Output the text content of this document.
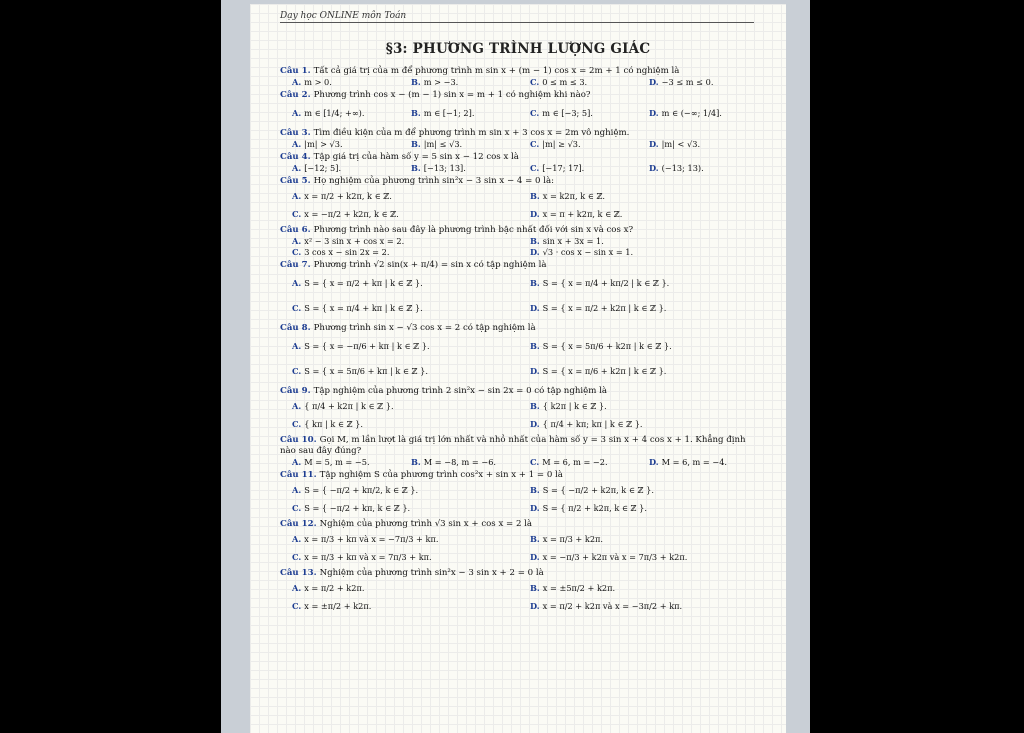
Dạy học ONLINE môn Toán
§3: PHƯƠNG TRÌNH LƯỢNG GIÁC
Câu 1. Tất cả giá trị của m để phương trình m sin x + (m − 1) cos x = 2m + 1 có nghiệm là
A. m > 0.	B. m > −3.	C. 0 ≤ m ≤ 3.	D. −3 ≤ m ≤ 0.
Câu 2. Phương trình cos x − (m − 1) sin x = m + 1 có nghiệm khi nào?
A. m ∈ [1/4; +∞).	B. m ∈ [−1; 2].	C. m ∈ [−3; 5].	D. m ∈ (−∞; 1/4].
Câu 3. Tìm điều kiện của m để phương trình m sin x + 3 cos x = 2m vô nghiệm.
A. |m| > √3.	B. |m| ≤ √3.	C. |m| ≥ √3.	D. |m| < √3.
Câu 4. Tập giá trị của hàm số y = 5 sin x − 12 cos x là
A. [−12; 5].	B. [−13; 13].	C. [−17; 17].	D. (−13; 13).
Câu 5. Họ nghiệm của phương trình sin²x − 3 sin x − 4 = 0 là:
A. x = π/2 + k2π, k ∈ ℤ.	B. x = k2π, k ∈ ℤ.
C. x = −π/2 + k2π, k ∈ ℤ.	D. x = π + k2π, k ∈ ℤ.
Câu 6. Phương trình nào sau đây là phương trình bậc nhất đối với sin x và cos x?
A. x² − 3 sin x + cos x = 2.	B. sin x + 3x = 1.
C. 3 cos x − sin 2x = 2.	D. √3 · cos x − sin x = 1.
Câu 7. Phương trình √2 sin(x + π/4) = sin x có tập nghiệm là
A. S = { x = π/2 + kπ | k ∈ ℤ }.	B. S = { x = π/4 + kπ/2 | k ∈ ℤ }.
C. S = { x = π/4 + kπ | k ∈ ℤ }.	D. S = { x = π/2 + k2π | k ∈ ℤ }.
Câu 8. Phương trình sin x − √3 cos x = 2 có tập nghiệm là
A. S = { x = −π/6 + kπ | k ∈ ℤ }.	B. S = { x = 5π/6 + k2π | k ∈ ℤ }.
C. S = { x = 5π/6 + kπ | k ∈ ℤ }.	D. S = { x = π/6 + k2π | k ∈ ℤ }.
Câu 9. Tập nghiệm của phương trình 2 sin²x − sin 2x = 0 có tập nghiệm là
A. { π/4 + k2π | k ∈ ℤ }.	B. { k2π | k ∈ ℤ }.
C. { kπ | k ∈ ℤ }.	D. { π/4 + kπ; kπ | k ∈ ℤ }.
Câu 10. Gọi M, m lần lượt là giá trị lớn nhất và nhỏ nhất của hàm số y = 3 sin x + 4 cos x + 1. Khẳng định nào sau đây đúng?
A. M = 5, m = −5.	B. M = −8, m = −6.	C. M = 6, m = −2.	D. M = 6, m = −4.
Câu 11. Tập nghiệm S của phương trình cos²x + sin x + 1 = 0 là
A. S = { −π/2 + kπ/2, k ∈ ℤ }.	B. S = { −π/2 + k2π, k ∈ ℤ }.
C. S = { −π/2 + kπ, k ∈ ℤ }.	D. S = { π/2 + k2π, k ∈ ℤ }.
Câu 12. Nghiệm của phương trình √3 sin x + cos x = 2 là
A. x = π/3 + kπ và x = −7π/3 + kπ.	B. x = π/3 + k2π.
C. x = π/3 + kπ và x = 7π/3 + kπ.	D. x = −π/3 + k2π và x = 7π/3 + k2π.
Câu 13. Nghiệm của phương trình sin²x − 3 sin x + 2 = 0 là
A. x = π/2 + k2π.	B. x = ±5π/2 + k2π.
C. x = ±π/2 + k2π.	D. x = π/2 + k2π và x = −3π/2 + kπ.
